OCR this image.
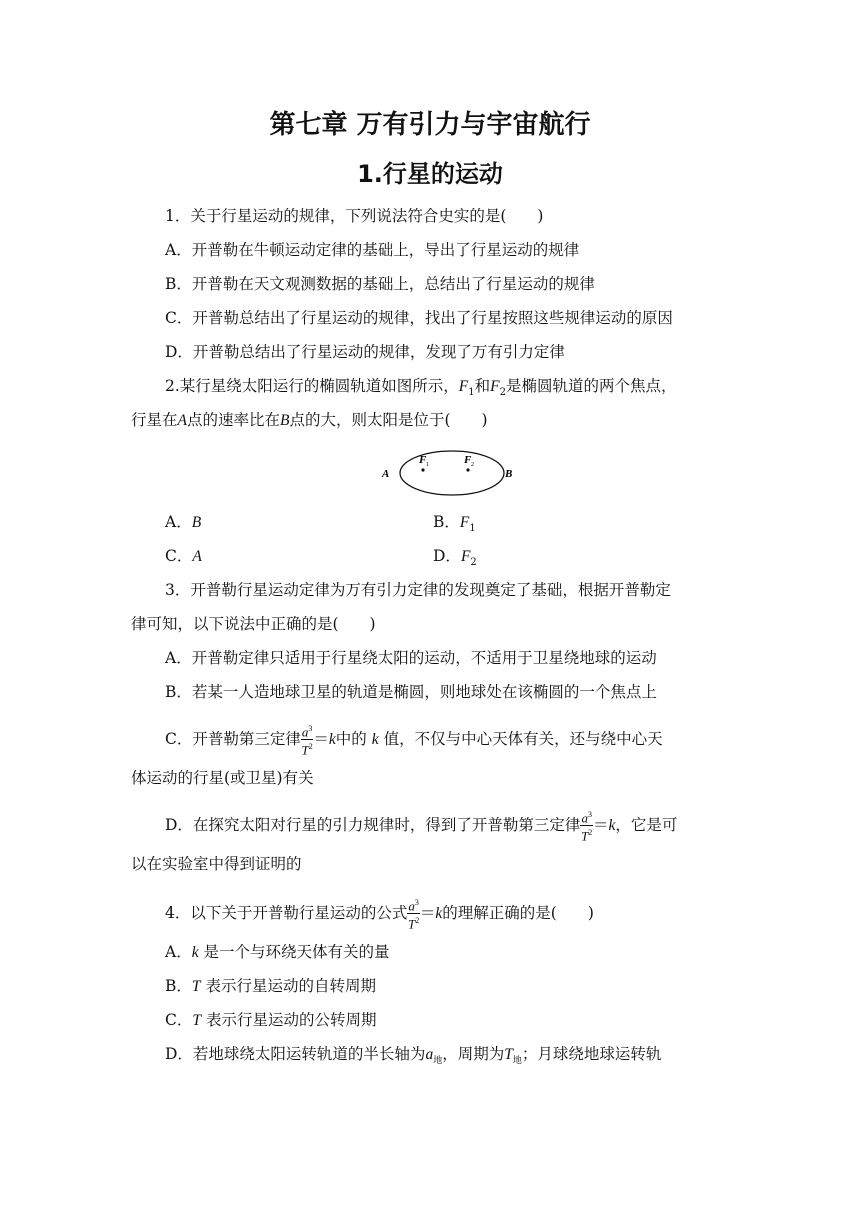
第七章 万有引力与宇宙航行
1.行星的运动
1．关于行星运动的规律，下列说法符合史实的是(　　)
A．开普勒在牛顿运动定律的基础上，导出了行星运动的规律
B．开普勒在天文观测数据的基础上，总结出了行星运动的规律
C．开普勒总结出了行星运动的规律，找出了行星按照这些规律运动的原因
D．开普勒总结出了行星运动的规律，发现了万有引力定律
2.某行星绕太阳运行的椭圆轨道如图所示，$F_1$和$F_2$是椭圆轨道的两个焦点，
行星在A点的速率比在B点的大，则太阳是位于(　　)
A	B
F 1	F 2
A．B	B．$F_1$
C．A	D．$F_2$
3．开普勒行星运动定律为万有引力定律的发现奠定了基础，根据开普勒定
律可知，以下说法中正确的是(　　)
A．开普勒定律只适用于行星绕太阳的运动，不适用于卫星绕地球的运动
B．若某一人造地球卫星的轨道是椭圆，则地球处在该椭圆的一个焦点上
C．开普勒第三定律 $\frac{a^3}{T^2} =k$中的 k 值，不仅与中心天体有关，还与绕中心天
体运动的行星(或卫星)有关
D．在探究太阳对行星的引力规律时，得到了开普勒第三定律 $\frac{a^3}{T^2} =k$，它是可
以在实验室中得到证明的
4．以下关于开普勒行星运动的公式 $\frac{a^3}{T^2} =k$的理解正确的是(　　)
A．k 是一个与环绕天体有关的量
B．T 表示行星运动的自转周期
C．T 表示行星运动的公转周期
D．若地球绕太阳运转轨道的半长轴为$a_地$，周期为$T_地$；月球绕地球运转轨
